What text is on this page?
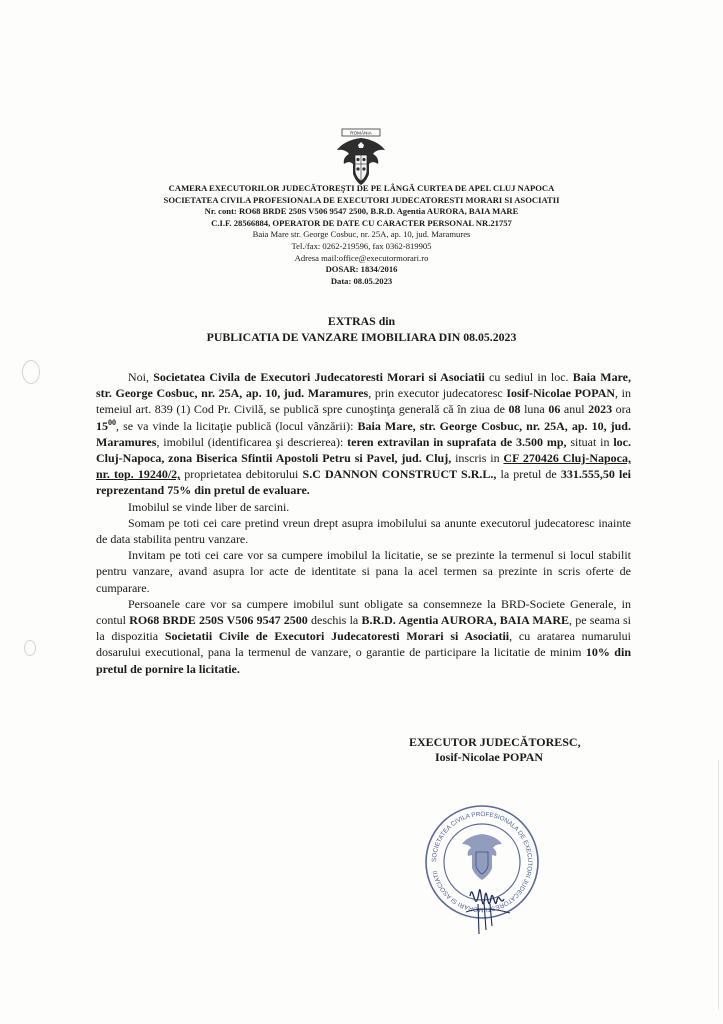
ROMÂNIA
CAMERA EXECUTORILOR JUDECĂTOREŞTI DE PE LÂNGĂ CURTEA DE APEL CLUJ NAPOCA
SOCIETATEA CIVILA PROFESIONALA DE EXECUTORI JUDECATORESTI MORARI SI ASOCIATII
Nr. cont: RO68 BRDE 250S V506 9547 2500, B.R.D. Agentia AURORA, BAIA MARE
C.I.F. 28566884, OPERATOR DE DATE CU CARACTER PERSONAL NR.21757
Baia Mare str. George Cosbuc, nr. 25A, ap. 10, jud. Maramures
Tel./fax: 0262-219596, fax 0362-819905
Adresa mail:office@executormorari.ro
DOSAR: 1834/2016
Data: 08.05.2023
EXTRAS din
PUBLICATIA DE VANZARE IMOBILIARA DIN 08.05.2023

Noi, Societatea Civila de Executori Judecatoresti Morari si Asociatii cu sediul in loc. Baia Mare, str. George Cosbuc, nr. 25A, ap. 10, jud. Maramures, prin executor judecatoresc Iosif-Nicolae POPAN, in temeiul art. 839 (1) Cod Pr. Civilă, se publică spre cunoştinţa generală că în ziua de 08 luna 06 anul 2023 ora $15^{00}$, se va vinde la licitaţie publică (locul vânzării): Baia Mare, str. George Cosbuc, nr. 25A, ap. 10, jud. Maramures, imobilul (identificarea şi descrierea): teren extravilan in suprafata de 3.500 mp, situat in loc. Cluj-Napoca, zona Biserica Sfintii Apostoli Petru si Pavel, jud. Cluj, inscris in CF 270426 Cluj-Napoca, nr. top. 19240/2, proprietatea debitorului S.C DANNON CONSTRUCT S.R.L., la pretul de 331.555,50 lei reprezentand 75% din pretul de evaluare.

Imobilul se vinde liber de sarcini.

Somam pe toti cei care pretind vreun drept asupra imobilului sa anunte executorul judecatoresc inainte de data stabilita pentru vanzare.

Invitam pe toti cei care vor sa cumpere imobilul la licitatie, se se prezinte la termenul si locul stabilit pentru vanzare, avand asupra lor acte de identitate si pana la acel termen sa prezinte in scris oferte de cumparare.

Persoanele care vor sa cumpere imobilul sunt obligate sa consemneze la BRD-Societe Generale, in contul RO68 BRDE 250S V506 9547 2500 deschis la B.R.D. Agentia AURORA, BAIA MARE, pe seama si la dispozitia Societatii Civile de Executori Judecatoresti Morari si Asociatii, cu aratarea numarului dosarului executional, pana la termenul de vanzare, o garantie de participare la licitatie de minim 10% din pretul de pornire la licitatie.

EXECUTOR JUDECĂTORESC,
Iosif-Nicolae POPAN
SOCIETATEA CIVILA PROFESIONALA DE EXECUTORI JUDECATORESTI MORARI SI ASOCIATII
